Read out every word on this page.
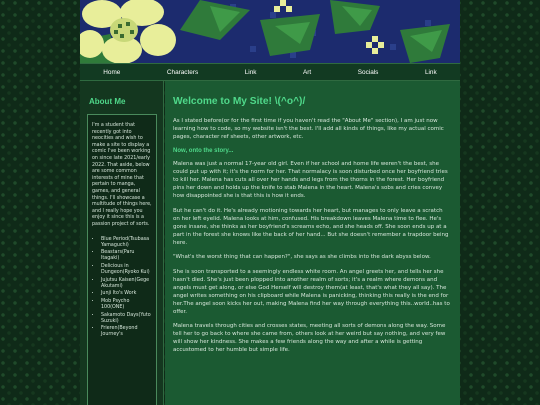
Home	Characters	Link	Art	Socials	Link
About Me

I'm a student that recently got into neocities and wish to make a site to display a comic I've been working on since late 2021/early 2022. That aside, below are some common interests of mine that pertain to manga, games, and general things. I'll showcase a multitude of things here, and I really hope you enjoy it since this is a passion project of sorts.

• Blue Period(Tsubasa Yamaguchi)
• Beastars(Paru Itagaki)
• Delicious in Dungeon(Ryoko Kui)
• Jujutsu Kaisen(Gege Akutami)
• Junji Ito's Work
• Mob Psycho 100(ONE)
• Sakamoto Days(Yuto Suzuki)
• Frieren(Beyond Journey's
Welcome to My Site! \(^o^)/

As I stated before(or for the first time if you haven't read the "About Me" section), I am just now learning how to code, so my website isn't the best. I'll add all kinds of things, like my actual comic pages, character ref sheets, other artwork, etc.

Now, onto the story...

Malena was just a normal 17-year old girl. Even if her school and home life weren't the best, she could put up with it; it's the norm for her. That normalacy is soon disturbed once her boyfriend tries to kill her. Malena has cuts all over her hands and legs from the thorns in the forest. Her boyfriend pins her down and holds up the knife to stab Malena in the heart. Malena's sobs and cries convey how disappointed she is that this is how it ends.

But he can't do it. He's already motioning towards her heart, but manages to only leave a scratch on her left eyelid. Malena looks at him, confused. His breakdown leaves Malena time to flee. He's gone insane, she thinks as her boyfriend's screams echo, and she heads off. She soon ends up at a part in the forest she knows like the back of her hand... But she doesn't remember a trapdoor being here.

"What's the worst thing that can happen?", she says as she climbs into the dark abyss below.

She is soon transported to a seemingly endless white room. An angel greets her, and tells her she hasn't died. She's just been plopped into another realm of sorts; it's a realm where demons and angels must get along, or else God Herself will destroy them(at least, that's what they all say). The angel writes something on his clipboard while Malena is panicking, thinking this really is the end for her.The angel soon kicks her out, making Malena find her way through everything this..world..has to offer.

Malena travels through cities and crosses states, meeting all sorts of demons along the way. Some tell her to go back to where she came from, others look at her weird but say nothing, and very few will show her kindness. She makes a few friends along the way and after a while is getting accustomed to her humble but simple life.
